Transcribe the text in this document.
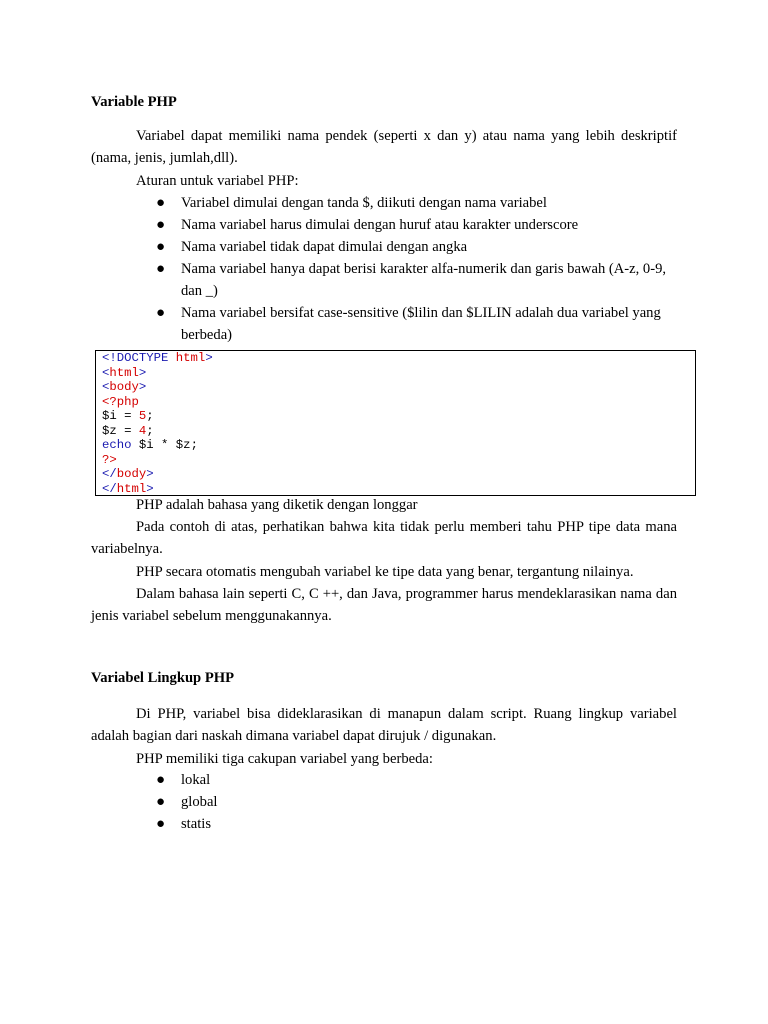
Variable PHP

Variabel dapat memiliki nama pendek (seperti x dan y) atau nama yang lebih deskriptif (nama, jenis, jumlah,dll).

Aturan untuk variabel PHP:

● Variabel dimulai dengan tanda $, diikuti dengan nama variabel
● Nama variabel harus dimulai dengan huruf atau karakter underscore
● Nama variabel tidak dapat dimulai dengan angka
● Nama variabel hanya dapat berisi karakter alfa-numerik dan garis bawah (A-z, 0-9, dan _)
● Nama variabel bersifat case-sensitive ($lilin dan $LILIN adalah dua variabel yang berbeda)
<!DOCTYPE html>
<html>
<body>
<?php
$i = 5;
$z = 4;
echo $i * $z;
?>
</body>
</html>

PHP adalah bahasa yang diketik dengan longgar

Pada contoh di atas, perhatikan bahwa kita tidak perlu memberi tahu PHP tipe data mana variabelnya.

PHP secara otomatis mengubah variabel ke tipe data yang benar, tergantung nilainya.

Dalam bahasa lain seperti C, C ++, dan Java, programmer harus mendeklarasikan nama dan jenis variabel sebelum menggunakannya.

Variabel Lingkup PHP

Di PHP, variabel bisa dideklarasikan di manapun dalam script. Ruang lingkup variabel adalah bagian dari naskah dimana variabel dapat dirujuk / digunakan.

PHP memiliki tiga cakupan variabel yang berbeda:

● lokal
● global
● statis
